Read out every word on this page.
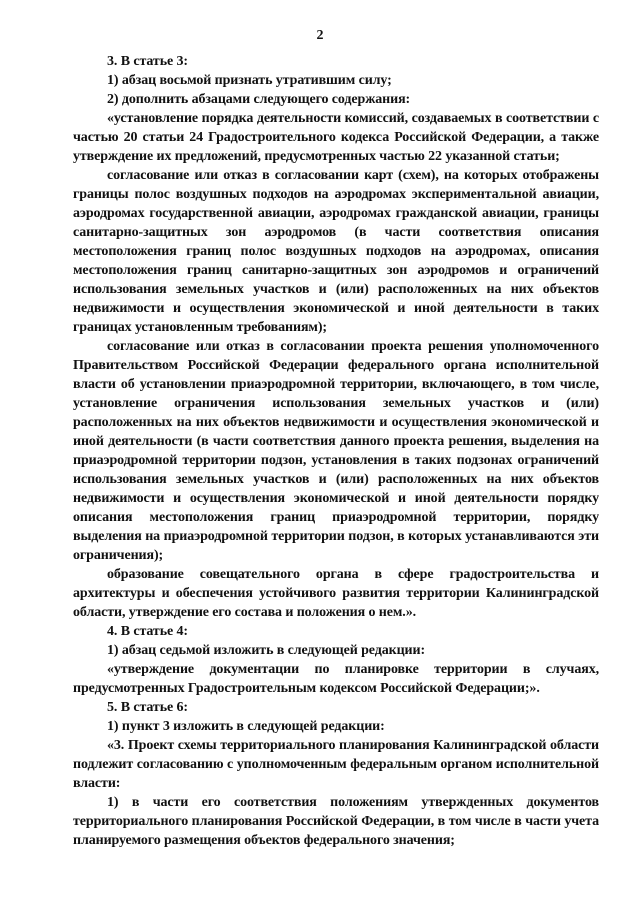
2

3. В статье 3:

1) абзац восьмой признать утратившим силу;

2) дополнить абзацами следующего содержания:

«установление порядка деятельности комиссий, создаваемых в соответствии с частью 20 статьи 24 Градостроительного кодекса Российской Федерации, а также утверждение их предложений, предусмотренных частью 22 указанной статьи;

согласование или отказ в согласовании карт (схем), на которых отображены границы полос воздушных подходов на аэродромах экспериментальной авиации, аэродромах государственной авиации, аэродромах гражданской авиации, границы санитарно-защитных зон аэродромов (в части соответствия описания местоположения границ полос воздушных подходов на аэродромах, описания местоположения границ санитарно-защитных зон аэродромов и ограничений использования земельных участков и (или) расположенных на них объектов недвижимости и осуществления экономической и иной деятельности в таких границах установленным требованиям);

согласование или отказ в согласовании проекта решения уполномоченного Правительством Российской Федерации федерального органа исполнительной власти об установлении приаэродромной территории, включающего, в том числе, установление ограничения использования земельных участков и (или) расположенных на них объектов недвижимости и осуществления экономической и иной деятельности (в части соответствия данного проекта решения, выделения на приаэродромной территории подзон, установления в таких подзонах ограничений использования земельных участков и (или) расположенных на них объектов недвижимости и осуществления экономической и иной деятельности порядку описания местоположения границ приаэродромной территории, порядку выделения на приаэродромной территории подзон, в которых устанавливаются эти ограничения);

образование совещательного органа в сфере градостроительства и архитектуры и обеспечения устойчивого развития территории Калининградской области, утверждение его состава и положения о нем.».

4. В статье 4:

1) абзац седьмой изложить в следующей редакции:

«утверждение документации по планировке территории в случаях, предусмотренных Градостроительным кодексом Российской Федерации;».

5. В статье 6:

1) пункт 3 изложить в следующей редакции:

«3. Проект схемы территориального планирования Калининградской области подлежит согласованию с уполномоченным федеральным органом исполнительной власти:

1) в части его соответствия положениям утвержденных документов территориального планирования Российской Федерации, в том числе в части учета планируемого размещения объектов федерального значения;
